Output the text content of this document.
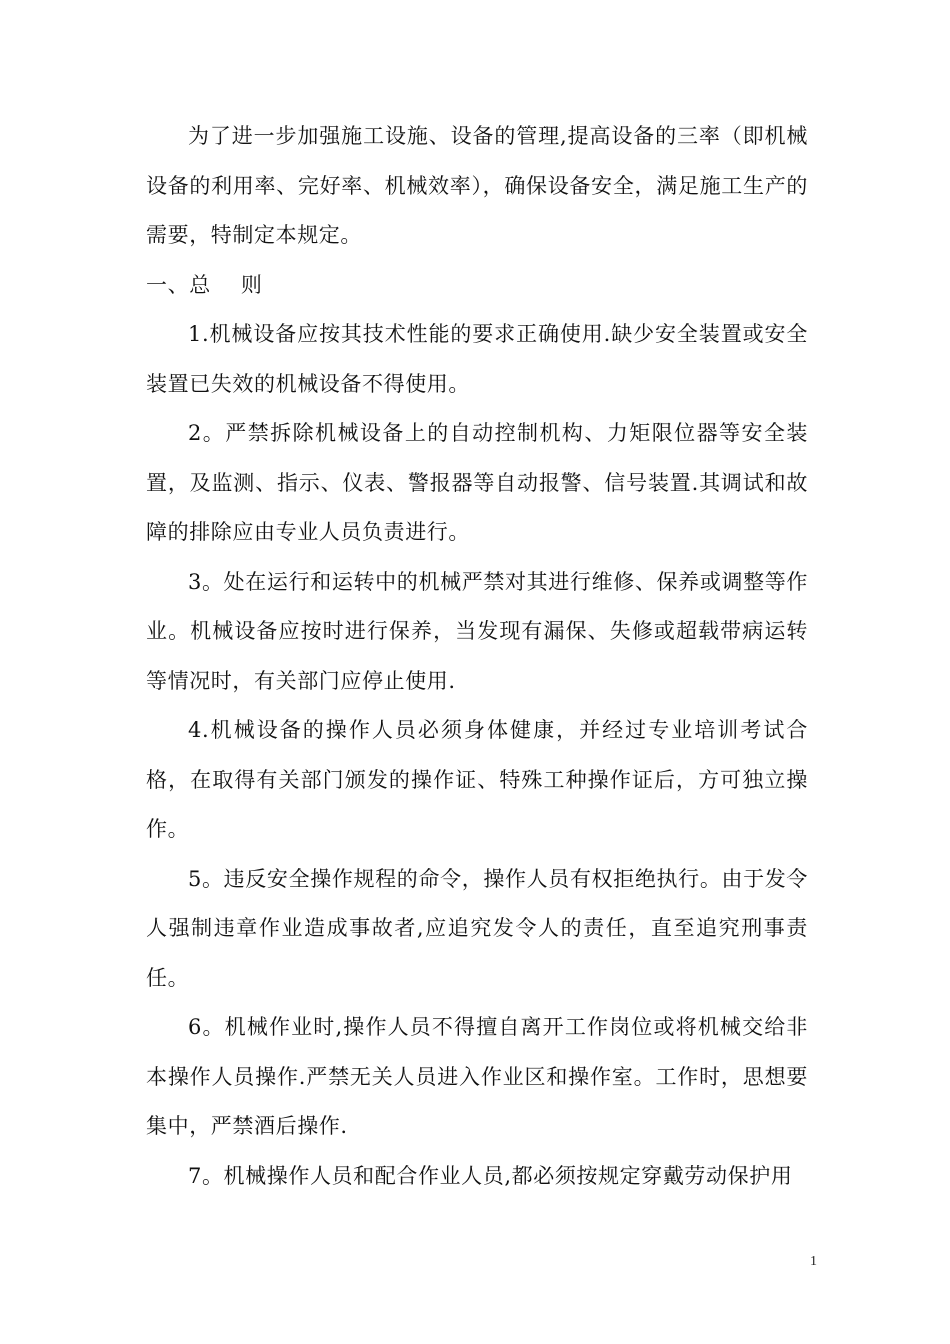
为了进一步加强施工设施、设备的管理,提高设备的三率（即机械设备的利用率、完好率、机械效率），确保设备安全，满足施工生产的需要，特制定本规定。

一、总 则

1.机械设备应按其技术性能的要求正确使用.缺少安全装置或安全装置已失效的机械设备不得使用。

2。严禁拆除机械设备上的自动控制机构、力矩限位器等安全装置，及监测、指示、仪表、警报器等自动报警、信号装置.其调试和故障的排除应由专业人员负责进行。

3。处在运行和运转中的机械严禁对其进行维修、保养或调整等作业。机械设备应按时进行保养，当发现有漏保、失修或超载带病运转等情况时，有关部门应停止使用.

4.机械设备的操作人员必须身体健康，并经过专业培训考试合格，在取得有关部门颁发的操作证、特殊工种操作证后，方可独立操作。

5。违反安全操作规程的命令，操作人员有权拒绝执行。由于发令人强制违章作业造成事故者,应追究发令人的责任，直至追究刑事责任。

6。机械作业时,操作人员不得擅自离开工作岗位或将机械交给非本操作人员操作.严禁无关人员进入作业区和操作室。工作时，思想要集中，严禁酒后操作.

7。机械操作人员和配合作业人员,都必须按规定穿戴劳动保护用

1
